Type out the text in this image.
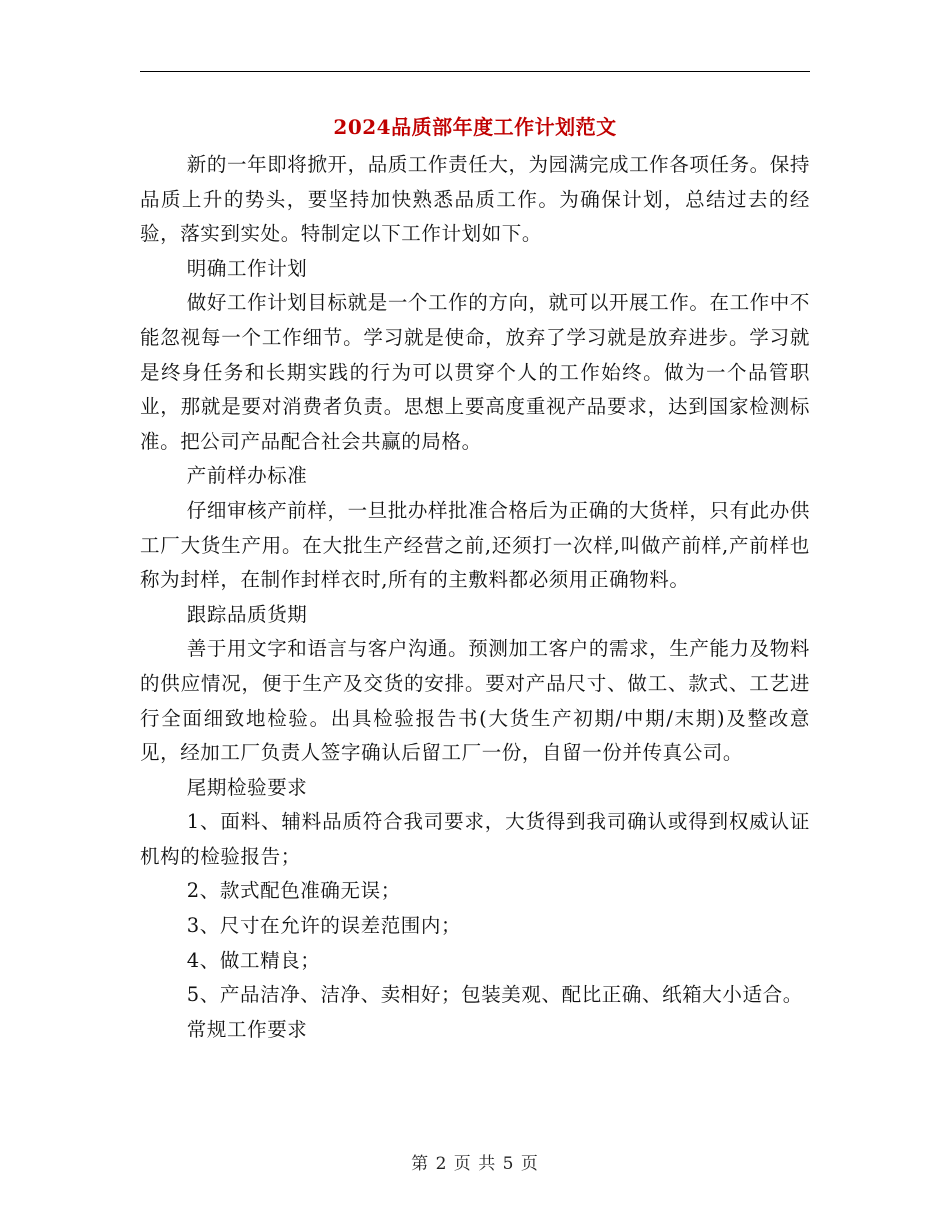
2024品质部年度工作计划范文

新的一年即将掀开，品质工作责任大，为园满完成工作各项任务。保持品质上升的势头，要坚持加快熟悉品质工作。为确保计划，总结过去的经验，落实到实处。特制定以下工作计划如下。

明确工作计划

做好工作计划目标就是一个工作的方向，就可以开展工作。在工作中不能忽视每一个工作细节。学习就是使命，放弃了学习就是放弃进步。学习就是终身任务和长期实践的行为可以贯穿个人的工作始终。做为一个品管职业，那就是要对消费者负责。思想上要高度重视产品要求，达到国家检测标准。把公司产品配合社会共赢的局格。

产前样办标准

仔细审核产前样，一旦批办样批准合格后为正确的大货样，只有此办供工厂大货生产用。在大批生产经营之前,还须打一次样,叫做产前样,产前样也称为封样，在制作封样衣时,所有的主敷料都必须用正确物料。

跟踪品质货期

善于用文字和语言与客户沟通。预测加工客户的需求，生产能力及物料的供应情况，便于生产及交货的安排。要对产品尺寸、做工、款式、工艺进行全面细致地检验。出具检验报告书(大货生产初期/中期/末期)及整改意见，经加工厂负责人签字确认后留工厂一份，自留一份并传真公司。

尾期检验要求

1、面料、辅料品质符合我司要求，大货得到我司确认或得到权威认证机构的检验报告；

2、款式配色准确无误；

3、尺寸在允许的误差范围内；

4、做工精良；

5、产品洁净、洁净、卖相好；包装美观、配比正确、纸箱大小适合。

常规工作要求

第 2 页 共 5 页
